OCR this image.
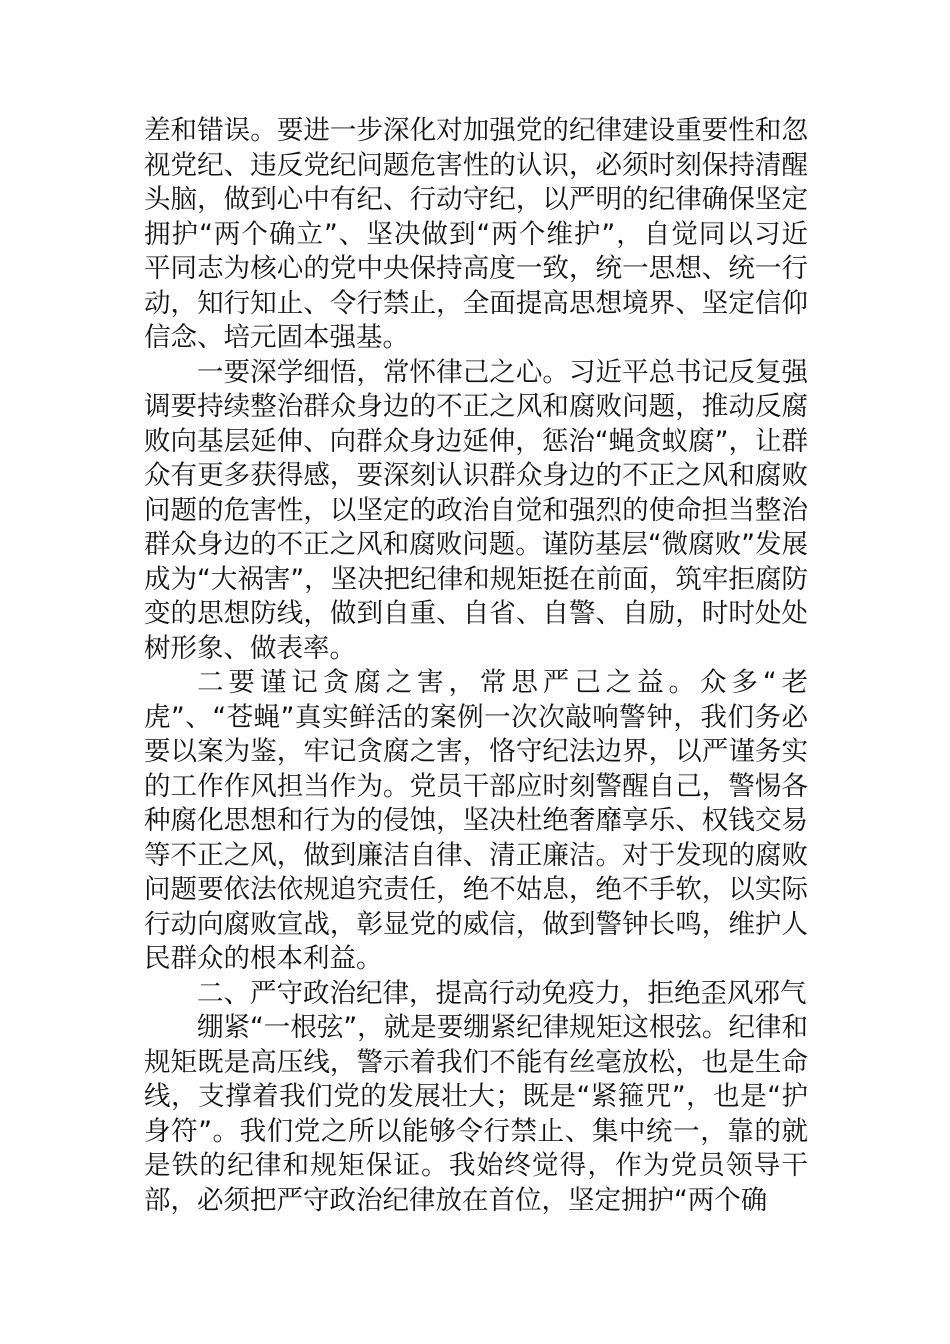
差和错误。要进一步深化对加强党的纪律建设重要性和忽视党纪、违反党纪问题危害性的认识，必须时刻保持清醒头脑，做到心中有纪、行动守纪，以严明的纪律确保坚定拥护“两个确立”、坚决做到“两个维护”，自觉同以习近平同志为核心的党中央保持高度一致，统一思想、统一行动，知行知止、令行禁止，全面提高思想境界、坚定信仰信念、培元固本强基。

一要深学细悟，常怀律己之心。习近平总书记反复强调要持续整治群众身边的不正之风和腐败问题，推动反腐败向基层延伸、向群众身边延伸，惩治“蝇贪蚁腐”，让群众有更多获得感，要深刻认识群众身边的不正之风和腐败问题的危害性，以坚定的政治自觉和强烈的使命担当整治群众身边的不正之风和腐败问题。谨防基层“微腐败”发展成为“大祸害”，坚决把纪律和规矩挺在前面，筑牢拒腐防变的思想防线，做到自重、自省、自警、自励，时时处处树形象、做表率。

二要谨记贪腐之害，常思严己之益。众多“老虎”、“苍蝇”真实鲜活的案例一次次敲响警钟，我们务必要以案为鉴，牢记贪腐之害，恪守纪法边界，以严谨务实的工作作风担当作为。党员干部应时刻警醒自己，警惕各种腐化思想和行为的侵蚀，坚决杜绝奢靡享乐、权钱交易等不正之风，做到廉洁自律、清正廉洁。对于发现的腐败问题要依法依规追究责任，绝不姑息，绝不手软，以实际行动向腐败宣战，彰显党的威信，做到警钟长鸣，维护人民群众的根本利益。

二、严守政治纪律，提高行动免疫力，拒绝歪风邪气

绷紧“一根弦”，就是要绷紧纪律规矩这根弦。纪律和规矩既是高压线，警示着我们不能有丝毫放松，也是生命线，支撑着我们党的发展壮大；既是“紧箍咒”，也是“护身符”。我们党之所以能够令行禁止、集中统一，靠的就是铁的纪律和规矩保证。我始终觉得，作为党员领导干部，必须把严守政治纪律放在首位，坚定拥护“两个确
